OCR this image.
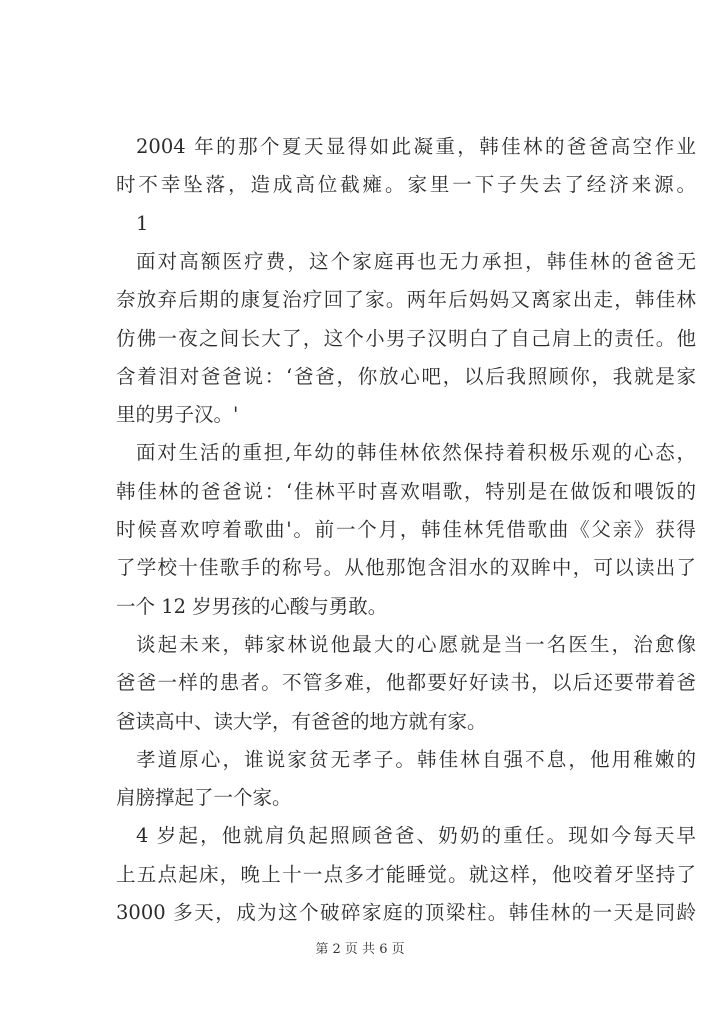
第 2 页 共 6 页
2004 年的那个夏天显得如此凝重，韩佳林的爸爸高空作业
时不幸坠落，造成高位截瘫。家里一下子失去了经济来源。
1
面对高额医疗费，这个家庭再也无力承担，韩佳林的爸爸无
奈放弃后期的康复治疗回了家。两年后妈妈又离家出走，韩佳林
仿佛一夜之间长大了，这个小男子汉明白了自己肩上的责任。他
含着泪对爸爸说：‘爸爸，你放心吧，以后我照顾你，我就是家
里的男子汉。'
面对生活的重担,年幼的韩佳林依然保持着积极乐观的心态，
韩佳林的爸爸说：‘佳林平时喜欢唱歌，特别是在做饭和喂饭的
时候喜欢哼着歌曲'。前一个月，韩佳林凭借歌曲《父亲》获得
了学校十佳歌手的称号。从他那饱含泪水的双眸中，可以读出了
一个 12 岁男孩的心酸与勇敢。
谈起未来，韩家林说他最大的心愿就是当一名医生，治愈像
爸爸一样的患者。不管多难，他都要好好读书，以后还要带着爸
爸读高中、读大学，有爸爸的地方就有家。
孝道原心，谁说家贫无孝子。韩佳林自强不息，他用稚嫩的
肩膀撑起了一个家。
4 岁起，他就肩负起照顾爸爸、奶奶的重任。现如今每天早
上五点起床，晚上十一点多才能睡觉。就这样，他咬着牙坚持了
3000 多天，成为这个破碎家庭的顶梁柱。韩佳林的一天是同龄
